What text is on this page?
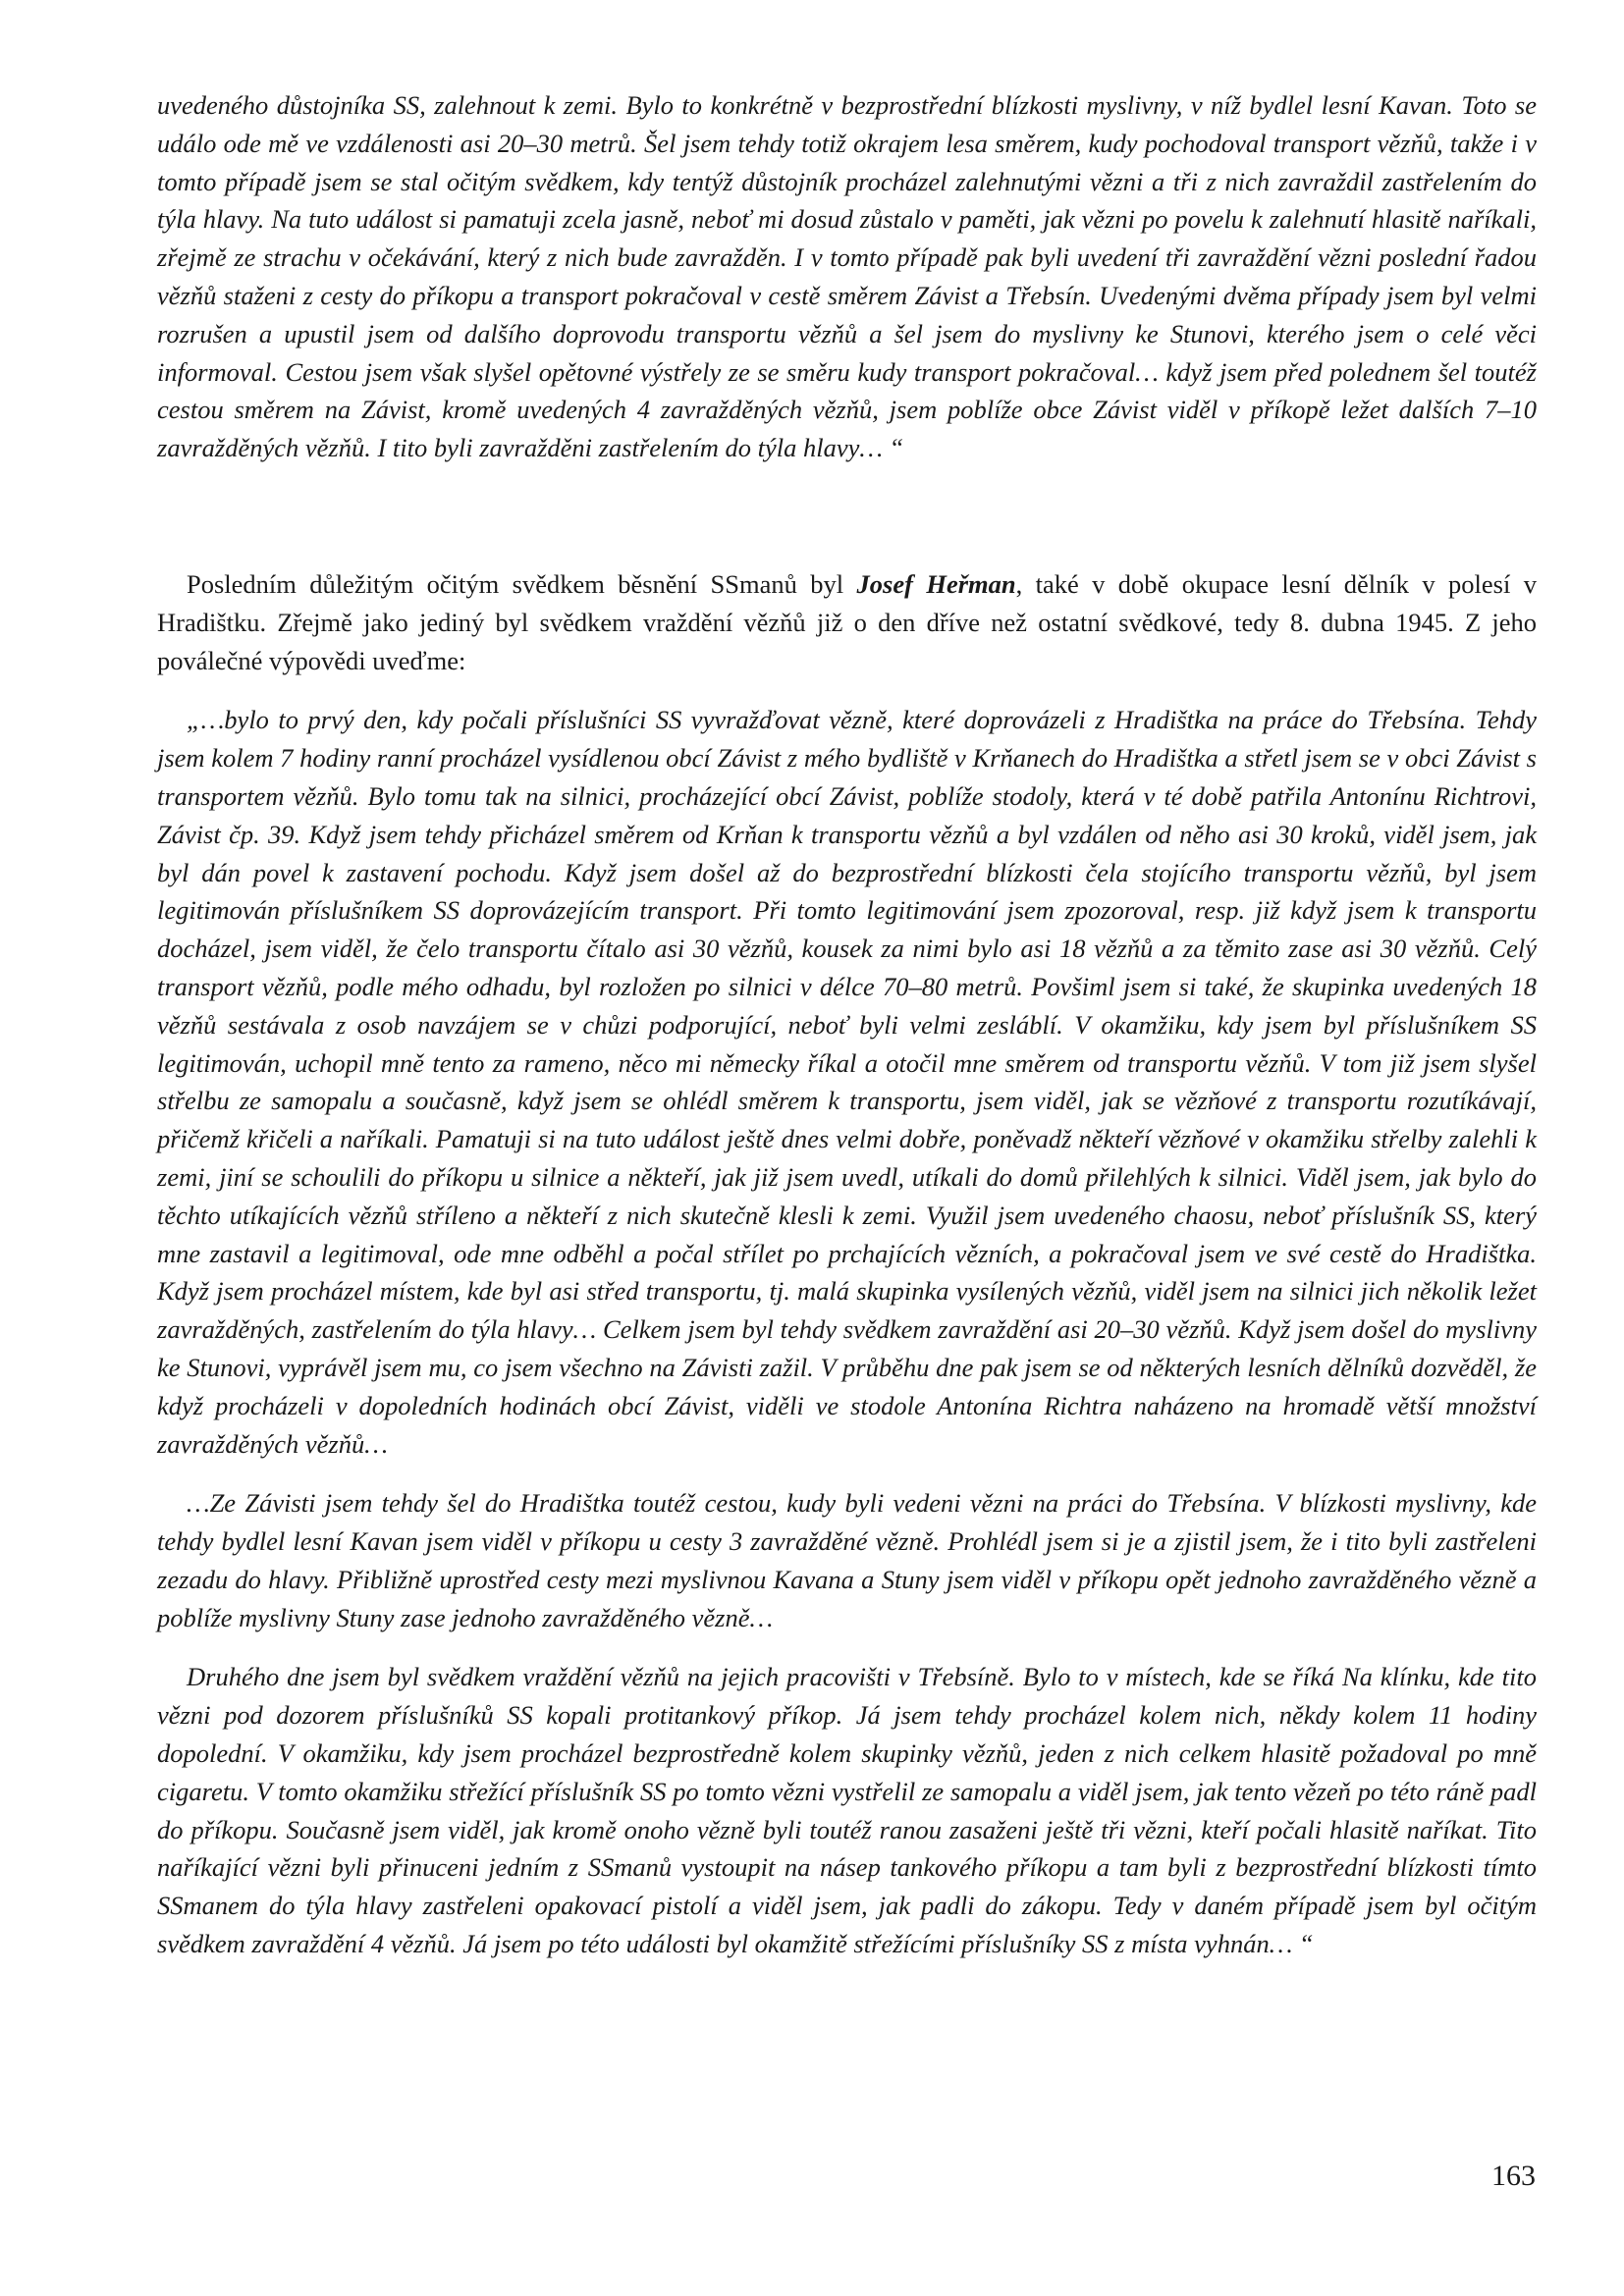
uvedeného důstojníka SS, zalehnout k zemi. Bylo to konkrétně v bezprostřední blízkosti myslivny, v níž bydlel lesní Kavan. Toto se událo ode mě ve vzdálenosti asi 20–30 metrů. Šel jsem tehdy totiž okrajem lesa směrem, kudy pochodoval transport vězňů, takže i v tomto případě jsem se stal očitým svědkem, kdy tentýž důstojník procházel zalehnutými vězni a tři z nich zavraždil zastřelením do týla hlavy. Na tuto událost si pamatuji zcela jasně, neboť mi dosud zůstalo v paměti, jak vězni po povelu k zalehnutí hlasitě naříkali, zřejmě ze strachu v očekávání, který z nich bude zavražděn. I v tomto případě pak byli uvedení tři zavraždění vězni poslední řadou vězňů staženi z cesty do příkopu a transport pokračoval v cestě směrem Závist a Třebsín. Uvedenými dvěma případy jsem byl velmi rozrušen a upustil jsem od dalšího doprovodu transportu vězňů a šel jsem do myslivny ke Stunovi, kterého jsem o celé věci informoval. Cestou jsem však slyšel opětovné výstřely ze se směru kudy transport pokračoval… když jsem před polednem šel toutéž cestou směrem na Závist, kromě uvedených 4 zavražděných vězňů, jsem poblíže obce Závist viděl v příkopě ležet dalších 7–10 zavražděných vězňů. I tito byli zavražděni zastřelením do týla hlavy… “

Posledním důležitým očitým svědkem běsnění SSmanů byl Josef Heřman, také v době okupace lesní dělník v polesí v Hradištku. Zřejmě jako jediný byl svědkem vraždění vězňů již o den dříve než ostatní svědkové, tedy 8. dubna 1945. Z jeho poválečné výpovědi uveďme:

„…bylo to prvý den, kdy počali příslušníci SS vyvražďovat vězně, které doprovázeli z Hradištka na práce do Třebsína. Tehdy jsem kolem 7 hodiny ranní procházel vysídlenou obcí Závist z mého bydliště v Krňanech do Hradištka a střetl jsem se v obci Závist s transportem vězňů. Bylo tomu tak na silnici, procházející obcí Závist, poblíže stodoly, která v té době patřila Antonínu Richtrovi, Závist čp. 39. Když jsem tehdy přicházel směrem od Krňan k transportu vězňů a byl vzdálen od něho asi 30 kroků, viděl jsem, jak byl dán povel k zastavení pochodu. Když jsem došel až do bezprostřední blízkosti čela stojícího transportu vězňů, byl jsem legitimován příslušníkem SS doprovázejícím transport. Při tomto legitimování jsem zpozoroval, resp. již když jsem k transportu docházel, jsem viděl, že čelo transportu čítalo asi 30 vězňů, kousek za nimi bylo asi 18 vězňů a za těmito zase asi 30 vězňů. Celý transport vězňů, podle mého odhadu, byl rozložen po silnici v délce 70–80 metrů. Povšiml jsem si také, že skupinka uvedených 18 vězňů sestávala z osob navzájem se v chůzi podporující, neboť byli velmi zesláblí. V okamžiku, kdy jsem byl příslušníkem SS legitimován, uchopil mně tento za rameno, něco mi německy říkal a otočil mne směrem od transportu vězňů. V tom již jsem slyšel střelbu ze samopalu a současně, když jsem se ohlédl směrem k transportu, jsem viděl, jak se vězňové z transportu rozutíkávají, přičemž křičeli a naříkali. Pamatuji si na tuto událost ještě dnes velmi dobře, poněvadž někteří vězňové v okamžiku střelby zalehli k zemi, jiní se schoulili do příkopu u silnice a někteří, jak již jsem uvedl, utíkali do domů přilehlých k silnici. Viděl jsem, jak bylo do těchto utíkajících vězňů stříleno a někteří z nich skutečně klesli k zemi. Využil jsem uvedeného chaosu, neboť příslušník SS, který mne zastavil a legitimoval, ode mne odběhl a počal střílet po prchajících vězních, a pokračoval jsem ve své cestě do Hradištka. Když jsem procházel místem, kde byl asi střed transportu, tj. malá skupinka vysílených vězňů, viděl jsem na silnici jich několik ležet zavražděných, zastřelením do týla hlavy… Celkem jsem byl tehdy svědkem zavraždění asi 20–30 vězňů. Když jsem došel do myslivny ke Stunovi, vyprávěl jsem mu, co jsem všechno na Závisti zažil. V průběhu dne pak jsem se od některých lesních dělníků dozvěděl, že když procházeli v dopoledních hodinách obcí Závist, viděli ve stodole Antonína Richtra naházeno na hromadě větší množství zavražděných vězňů…

…Ze Závisti jsem tehdy šel do Hradištka toutéž cestou, kudy byli vedeni vězni na práci do Třebsína. V blízkosti myslivny, kde tehdy bydlel lesní Kavan jsem viděl v příkopu u cesty 3 zavražděné vězně. Prohlédl jsem si je a zjistil jsem, že i tito byli zastřeleni zezadu do hlavy. Přibližně uprostřed cesty mezi myslivnou Kavana a Stuny jsem viděl v příkopu opět jednoho zavražděného vězně a poblíže myslivny Stuny zase jednoho zavražděného vězně…

Druhého dne jsem byl svědkem vraždění vězňů na jejich pracovišti v Třebsíně. Bylo to v místech, kde se říká Na klínku, kde tito vězni pod dozorem příslušníků SS kopali protitankový příkop. Já jsem tehdy procházel kolem nich, někdy kolem 11 hodiny dopolední. V okamžiku, kdy jsem procházel bezprostředně kolem skupinky vězňů, jeden z nich celkem hlasitě požadoval po mně cigaretu. V tomto okamžiku střežící příslušník SS po tomto vězni vystřelil ze samopalu a viděl jsem, jak tento vězeň po této ráně padl do příkopu. Současně jsem viděl, jak kromě onoho vězně byli toutéž ranou zasaženi ještě tři vězni, kteří počali hlasitě naříkat. Tito naříkající vězni byli přinuceni jedním z SSmanů vystoupit na násep tankového příkopu a tam byli z bezprostřední blízkosti tímto SSmanem do týla hlavy zastřeleni opakovací pistolí a viděl jsem, jak padli do zákopu. Tedy v daném případě jsem byl očitým svědkem zavraždění 4 vězňů. Já jsem po této události byl okamžitě střežícími příslušníky SS z místa vyhnán… “

163
